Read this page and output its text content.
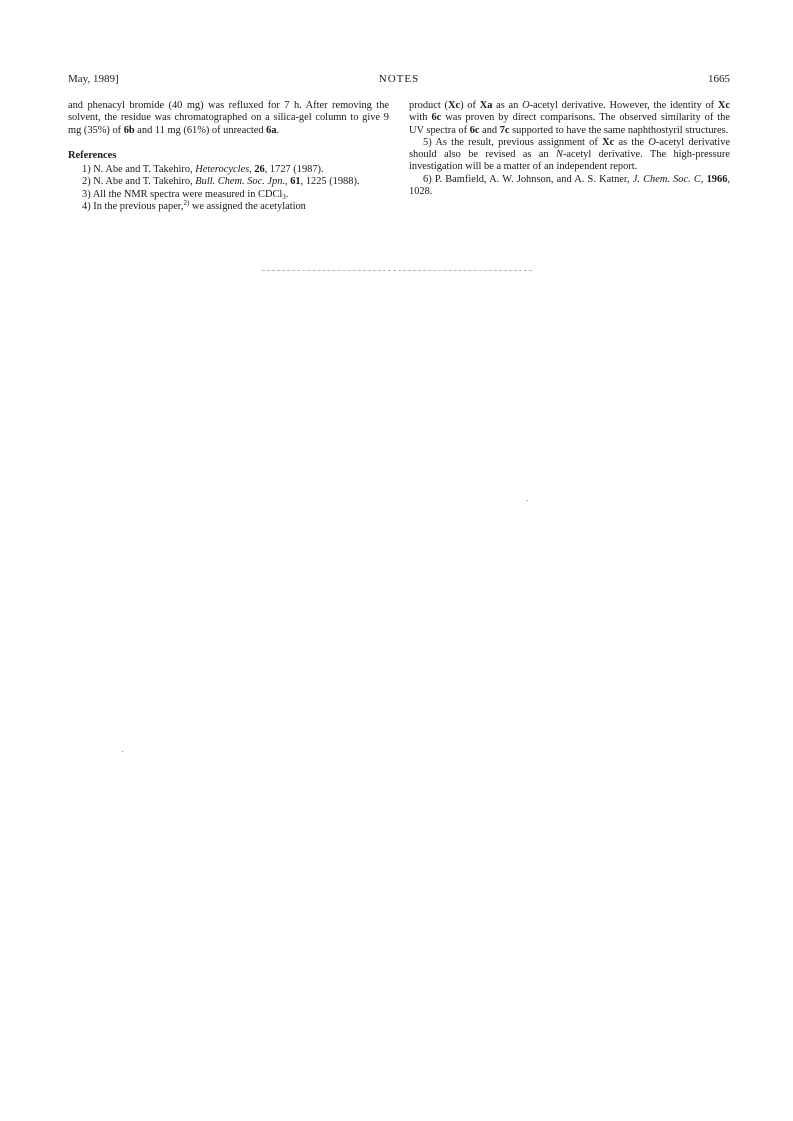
May, 1989]	NOTES	1665

and phenacyl bromide (40 mg) was refluxed for 7 h. After removing the solvent, the residue was chromatographed on a silica-gel column to give 9 mg (35%) of 6b and 11 mg (61%) of unreacted 6a.

References

1) N. Abe and T. Takehiro, Heterocycles, 26, 1727 (1987).

2) N. Abe and T. Takehiro, Bull. Chem. Soc. Jpn., 61, 1225 (1988).

3) All the NMR spectra were measured in CDCl$_3$.

4) In the previous paper,$^{2)}$ we assigned the acetylation

product (Xc) of Xa as an O-acetyl derivative. However, the identity of Xc with 6c was proven by direct comparisons. The observed similarity of the UV spectra of 6c and 7c supported to have the same naphthostyril structures.

5) As the result, previous assignment of Xc as the O-acetyl derivative should also be revised as an N-acetyl derivative. The high-pressure investigation will be a matter of an independent report.

6) P. Bamfield, A. W. Johnson, and A. S. Katner, J. Chem. Soc. C, 1966, 1028.
